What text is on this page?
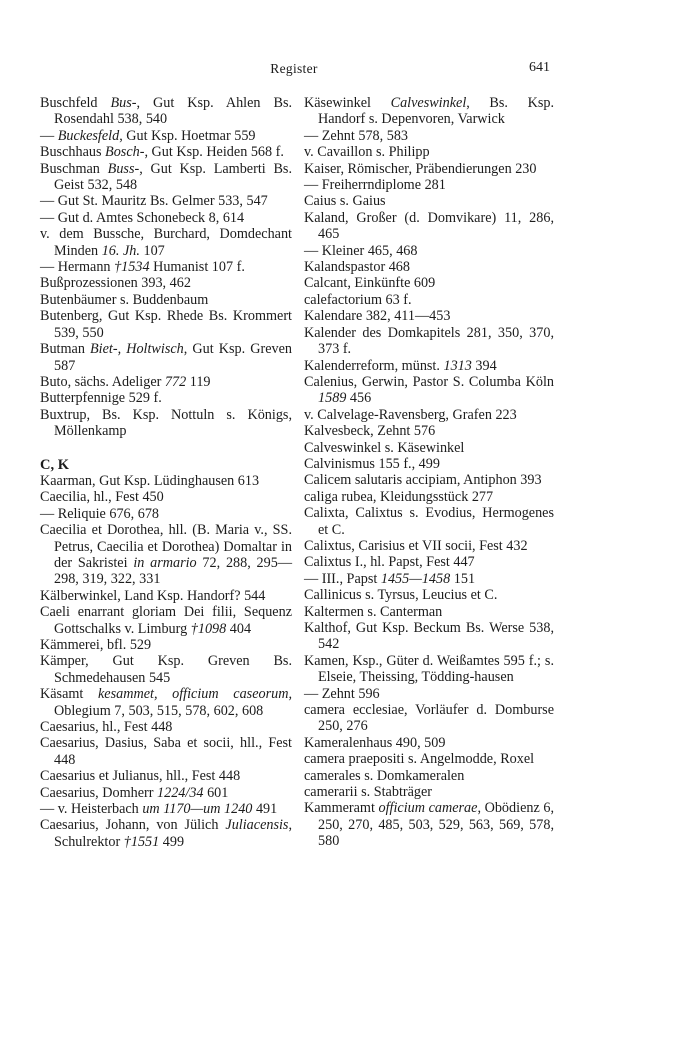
Register	641

Buschfeld Bus-, Gut Ksp. Ahlen Bs. Rosendahl 538, 540

— Buckesfeld, Gut Ksp. Hoetmar 559

Buschhaus Bosch-, Gut Ksp. Heiden 568 f.

Buschman Buss-, Gut Ksp. Lamberti Bs. Geist 532, 548

— Gut St. Mauritz Bs. Gelmer 533, 547

— Gut d. Amtes Schonebeck 8, 614

v. dem Bussche, Burchard, Domdechant Minden 16. Jh. 107

— Hermann †1534 Humanist 107 f.

Bußprozessionen 393, 462

Butenbäumer s. Buddenbaum

Butenberg, Gut Ksp. Rhede Bs. Krommert 539, 550

Butman Biet-, Holtwisch, Gut Ksp. Greven 587

Buto, sächs. Adeliger 772 119

Butterpfennige 529 f.

Buxtrup, Bs. Ksp. Nottuln s. Königs, Möllenkamp

C, K

Kaarman, Gut Ksp. Lüdinghausen 613

Caecilia, hl., Fest 450

— Reliquie 676, 678

Caecilia et Dorothea, hll. (B. Maria v., SS. Petrus, Caecilia et Dorothea) Domaltar in der Sakristei in armario 72, 288, 295—298, 319, 322, 331

Kälberwinkel, Land Ksp. Handorf? 544

Caeli enarrant gloriam Dei filii, Sequenz Gottschalks v. Limburg †1098 404

Kämmerei, bfl. 529

Kämper, Gut Ksp. Greven Bs. Schmedehausen 545

Käsamt kesammet, officium caseorum, Oblegium 7, 503, 515, 578, 602, 608

Caesarius, hl., Fest 448

Caesarius, Dasius, Saba et socii, hll., Fest 448

Caesarius et Julianus, hll., Fest 448

Caesarius, Domherr 1224/34 601

— v. Heisterbach um 1170—um 1240 491

Caesarius, Johann, von Jülich Juliacensis, Schulrektor †1551 499

Käsewinkel Calveswinkel, Bs. Ksp. Handorf s. Depenvoren, Varwick

— Zehnt 578, 583

v. Cavaillon s. Philipp

Kaiser, Römischer, Präbendierungen 230

— Freiherrndiplome 281

Caius s. Gaius

Kaland, Großer (d. Domvikare) 11, 286, 465

— Kleiner 465, 468

Kalandspastor 468

Calcant, Einkünfte 609

calefactorium 63 f.

Kalendare 382, 411—453

Kalender des Domkapitels 281, 350, 370, 373 f.

Kalenderreform, münst. 1313 394

Calenius, Gerwin, Pastor S. Columba Köln 1589 456

v. Calvelage-Ravensberg, Grafen 223

Kalvesbeck, Zehnt 576

Calveswinkel s. Käsewinkel

Calvinismus 155 f., 499

Calicem salutaris accipiam, Antiphon 393

caliga rubea, Kleidungsstück 277

Calixta, Calixtus s. Evodius, Hermogenes et C.

Calixtus, Carisius et VII socii, Fest 432

Calixtus I., hl. Papst, Fest 447

— III., Papst 1455—1458 151

Callinicus s. Tyrsus, Leucius et C.

Kaltermen s. Canterman

Kalthof, Gut Ksp. Beckum Bs. Werse 538, 542

Kamen, Ksp., Güter d. Weißamtes 595 f.; s. Elseie, Theissing, Tödding-hausen

— Zehnt 596

camera ecclesiae, Vorläufer d. Domburse 250, 276

Kameralenhaus 490, 509

camera praepositi s. Angelmodde, Roxel

camerales s. Domkameralen

camerarii s. Stabträger

Kammeramt officium camerae, Obödienz 6, 250, 270, 485, 503, 529, 563, 569, 578, 580
